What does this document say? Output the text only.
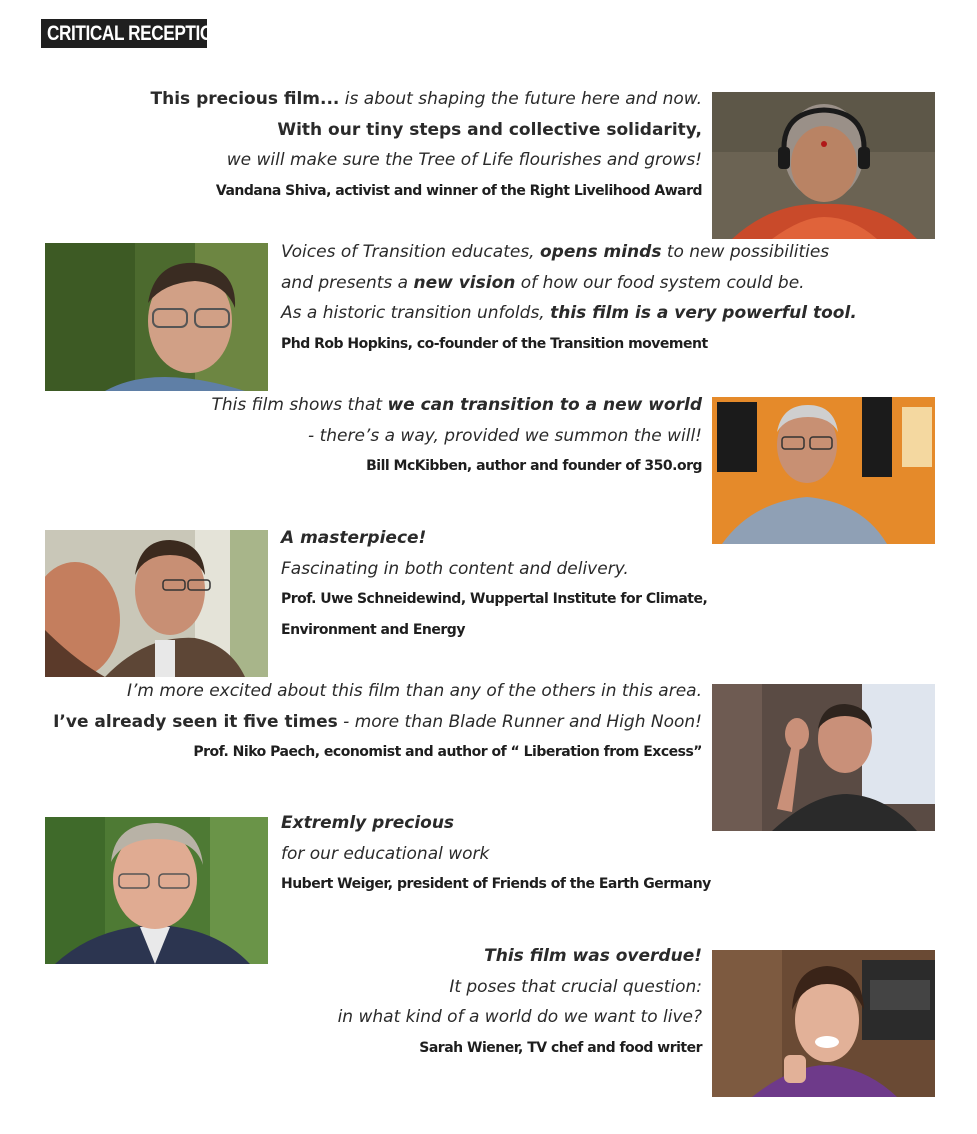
CRITICAL RECEPTION
This precious film... is about shaping the future here and now.
With our tiny steps and collective solidarity,
we will make sure the Tree of Life flourishes and grows!
Vandana Shiva, activist and winner of the Right Livelihood Award
Voices of Transition educates, opens minds to new possibilities
and presents a new vision of how our food system could be.
As a historic transition unfolds, this film is a very powerful tool.
Phd Rob Hopkins, co-founder of the Transition movement
This film shows that we can transition to a new world
- there’s a way, provided we summon the will!
Bill McKibben, author and founder of 350.org
A masterpiece!
Fascinating in both content and delivery.
Prof. Uwe Schneidewind, Wuppertal Institute for Climate,
Environment and Energy
I’m more excited about this film than any of the others in this area.
I’ve already seen it five times - more than Blade Runner and High Noon!
Prof. Niko Paech, economist and author of “ Liberation from Excess”
Extremly precious
for our educational work
Hubert Weiger, president of Friends of the Earth Germany
This film was overdue!
It poses that crucial question:
in what kind of a world do we want to live?
Sarah Wiener, TV chef and food writer
